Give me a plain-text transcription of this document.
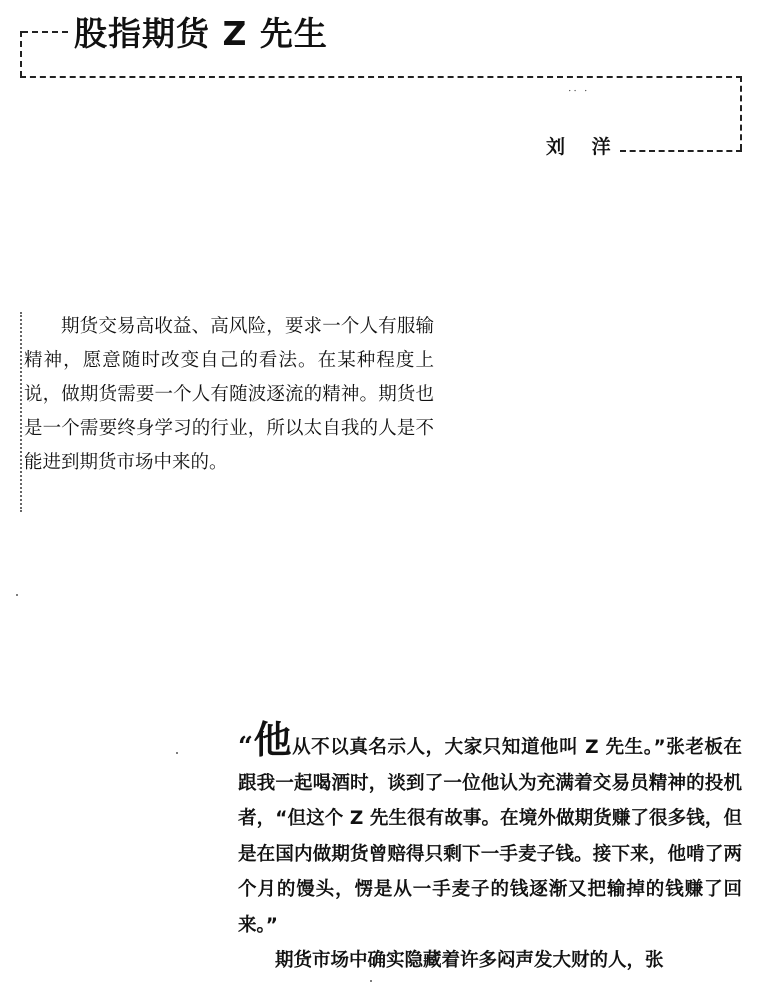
股指期货 Z 先生
⋅⋅ ⋅
刘 洋

期货交易高收益、高风险，要求一个人有服输精神，愿意随时改变自己的看法。在某种程度上说，做期货需要一个人有随波逐流的精神。期货也是一个需要终身学习的行业，所以太自我的人是不能进到期货市场中来的。

“他从不以真名示人，大家只知道他叫 Z 先生。”张老板在跟我一起喝酒时，谈到了一位他认为充满着交易员精神的投机者，“但这个 Z 先生很有故事。在境外做期货赚了很多钱，但是在国内做期货曾赔得只剩下一手麦子钱。接下来，他啃了两个月的馒头，愣是从一手麦子的钱逐渐又把输掉的钱赚了回来。”

期货市场中确实隐藏着许多闷声发大财的人，张
